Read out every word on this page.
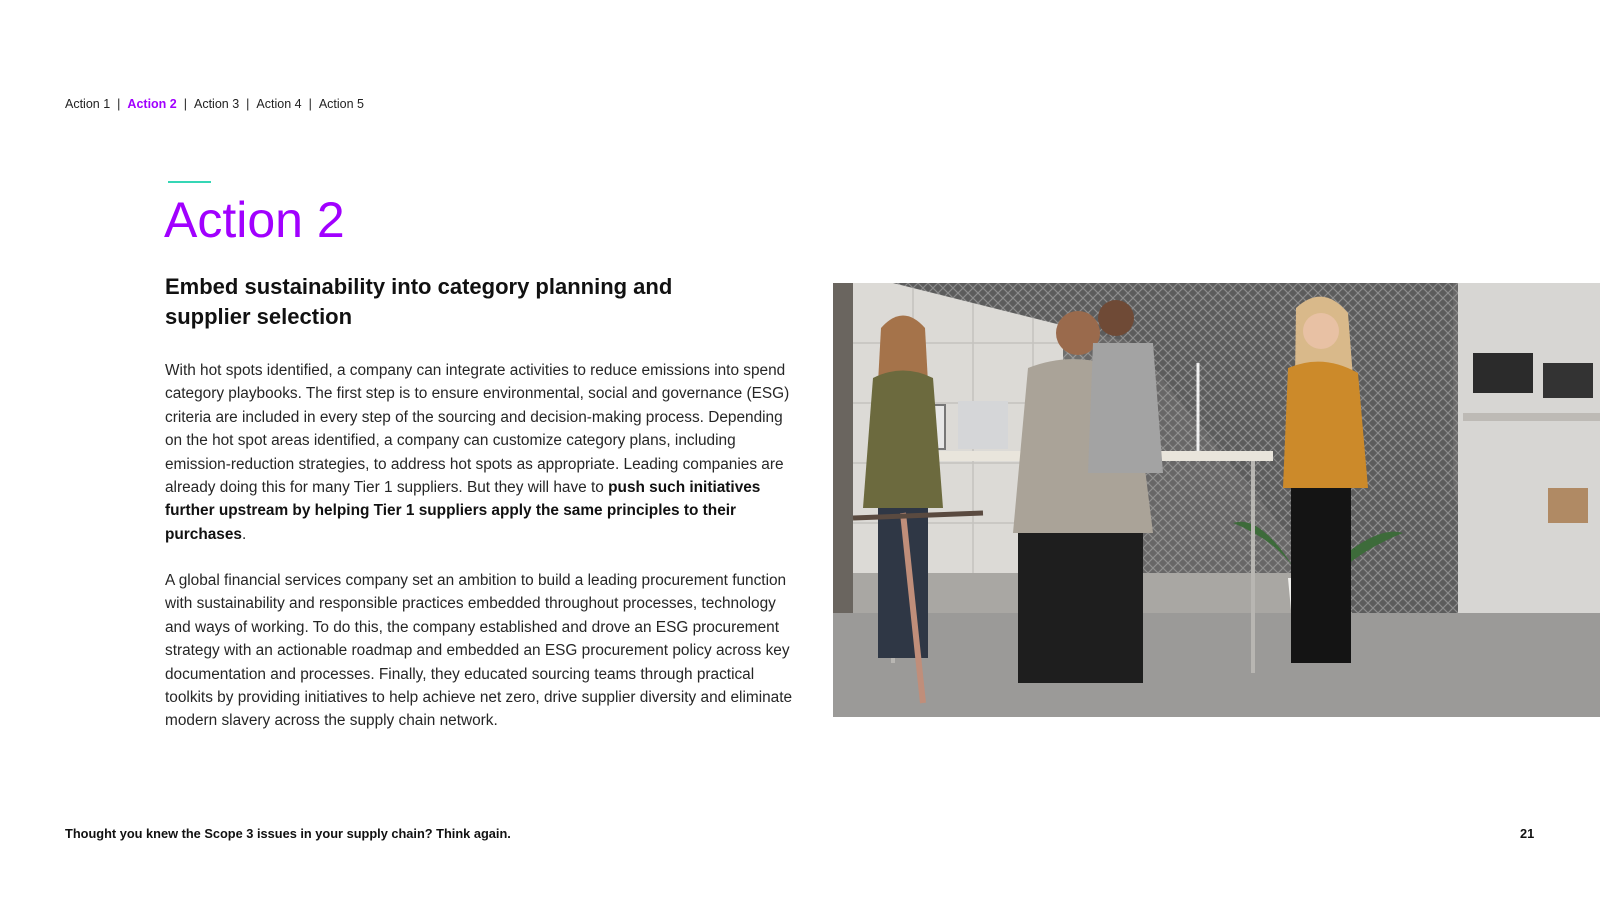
Action 1 | Action 2 | Action 3 | Action 4 | Action 5
Action 2
Embed sustainability into category planning and supplier selection

With hot spots identified, a company can integrate activities to reduce emissions into spend category playbooks. The first step is to ensure environmental, social and governance (ESG) criteria are included in every step of the sourcing and decision-making process. Depending on the hot spot areas identified, a company can customize category plans, including emission-reduction strategies, to address hot spots as appropriate. Leading companies are already doing this for many Tier 1 suppliers. But they will have to push such initiatives further upstream by helping Tier 1 suppliers apply the same principles to their purchases.

A global financial services company set an ambition to build a leading procurement function with sustainability and responsible practices embedded throughout processes, technology and ways of working. To do this, the company established and drove an ESG procurement strategy with an actionable roadmap and embedded an ESG procurement policy across key documentation and processes. Finally, they educated sourcing teams through practical toolkits by providing initiatives to help achieve net zero, drive supplier diversity and eliminate modern slavery across the supply chain network.

Thought you knew the Scope 3 issues in your supply chain? Think again.	21
